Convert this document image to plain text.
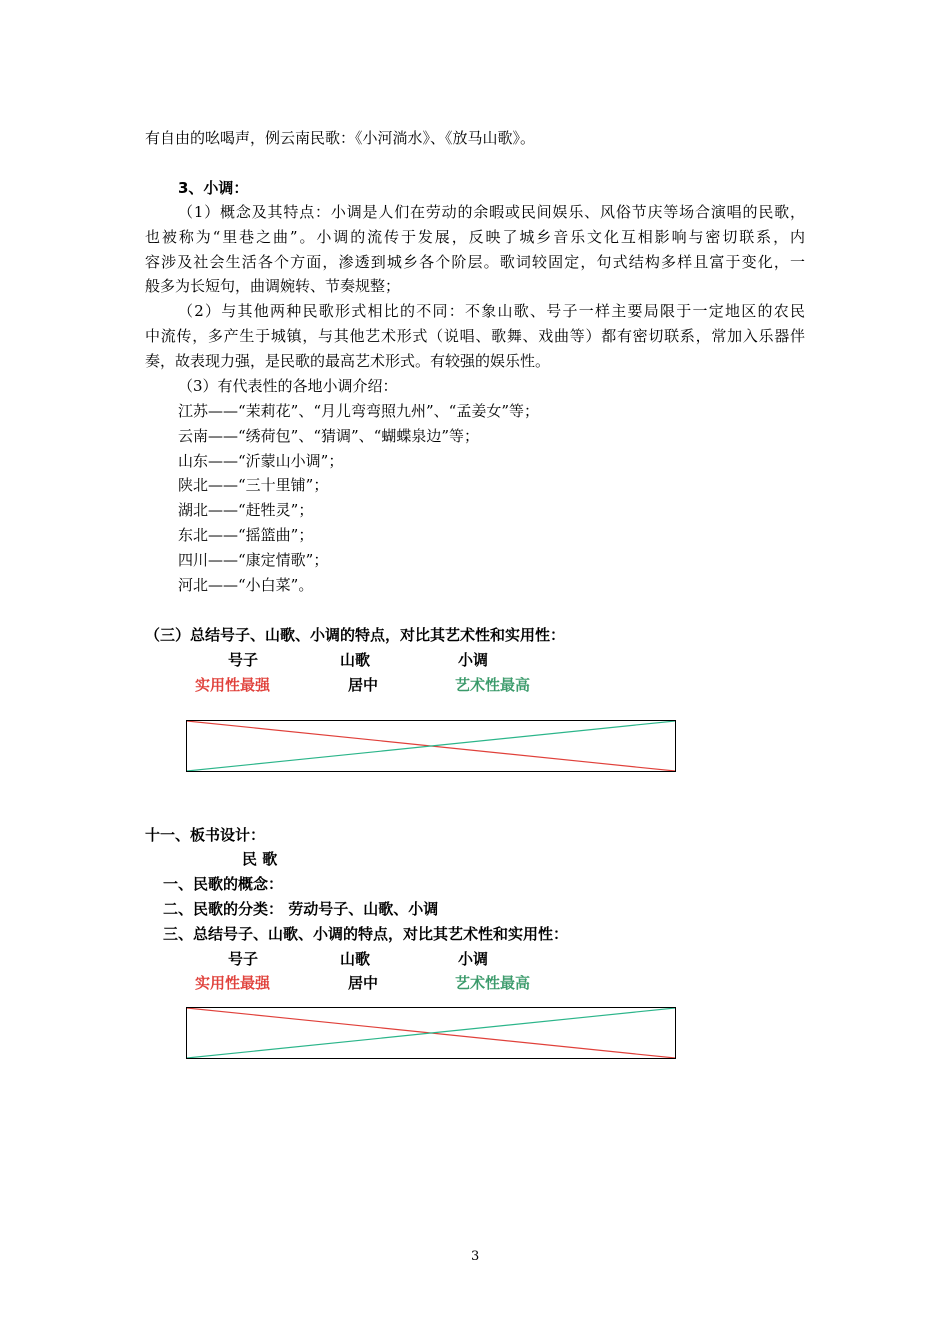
有自由的吆喝声，例云南民歌：《小河淌水》、《放马山歌》。
3、小调：
（1）概念及其特点：小调是人们在劳动的余暇或民间娱乐、风俗节庆等场合演唱的民歌，
也被称为“里巷之曲”。小调的流传于发展，反映了城乡音乐文化互相影响与密切联系，内
容涉及社会生活各个方面，渗透到城乡各个阶层。歌词较固定，句式结构多样且富于变化，一
般多为长短句，曲调婉转、节奏规整；
（2）与其他两种民歌形式相比的不同：不象山歌、号子一样主要局限于一定地区的农民
中流传，多产生于城镇，与其他艺术形式（说唱、歌舞、戏曲等）都有密切联系，常加入乐器伴
奏，故表现力强，是民歌的最高艺术形式。有较强的娱乐性。
（3）有代表性的各地小调介绍：
江苏——“茉莉花”、“月儿弯弯照九州”、“孟姜女”等；
云南——“绣荷包”、“猜调”、“蝴蝶泉边”等；
山东——“沂蒙山小调”；
陕北——“三十里铺”；
湖北——“赶牲灵”；
东北——“摇篮曲”；
四川——“康定情歌”；
河北——“小白菜”。
（三）总结号子、山歌、小调的特点，对比其艺术性和实用性：
号子	山歌	小调
实用性最强	居中	艺术性最高
十一、板书设计：
民 歌
一、民歌的概念：
二、民歌的分类： 劳动号子、山歌、小调
三、总结号子、山歌、小调的特点，对比其艺术性和实用性：
号子	山歌	小调
实用性最强	居中	艺术性最高
3
